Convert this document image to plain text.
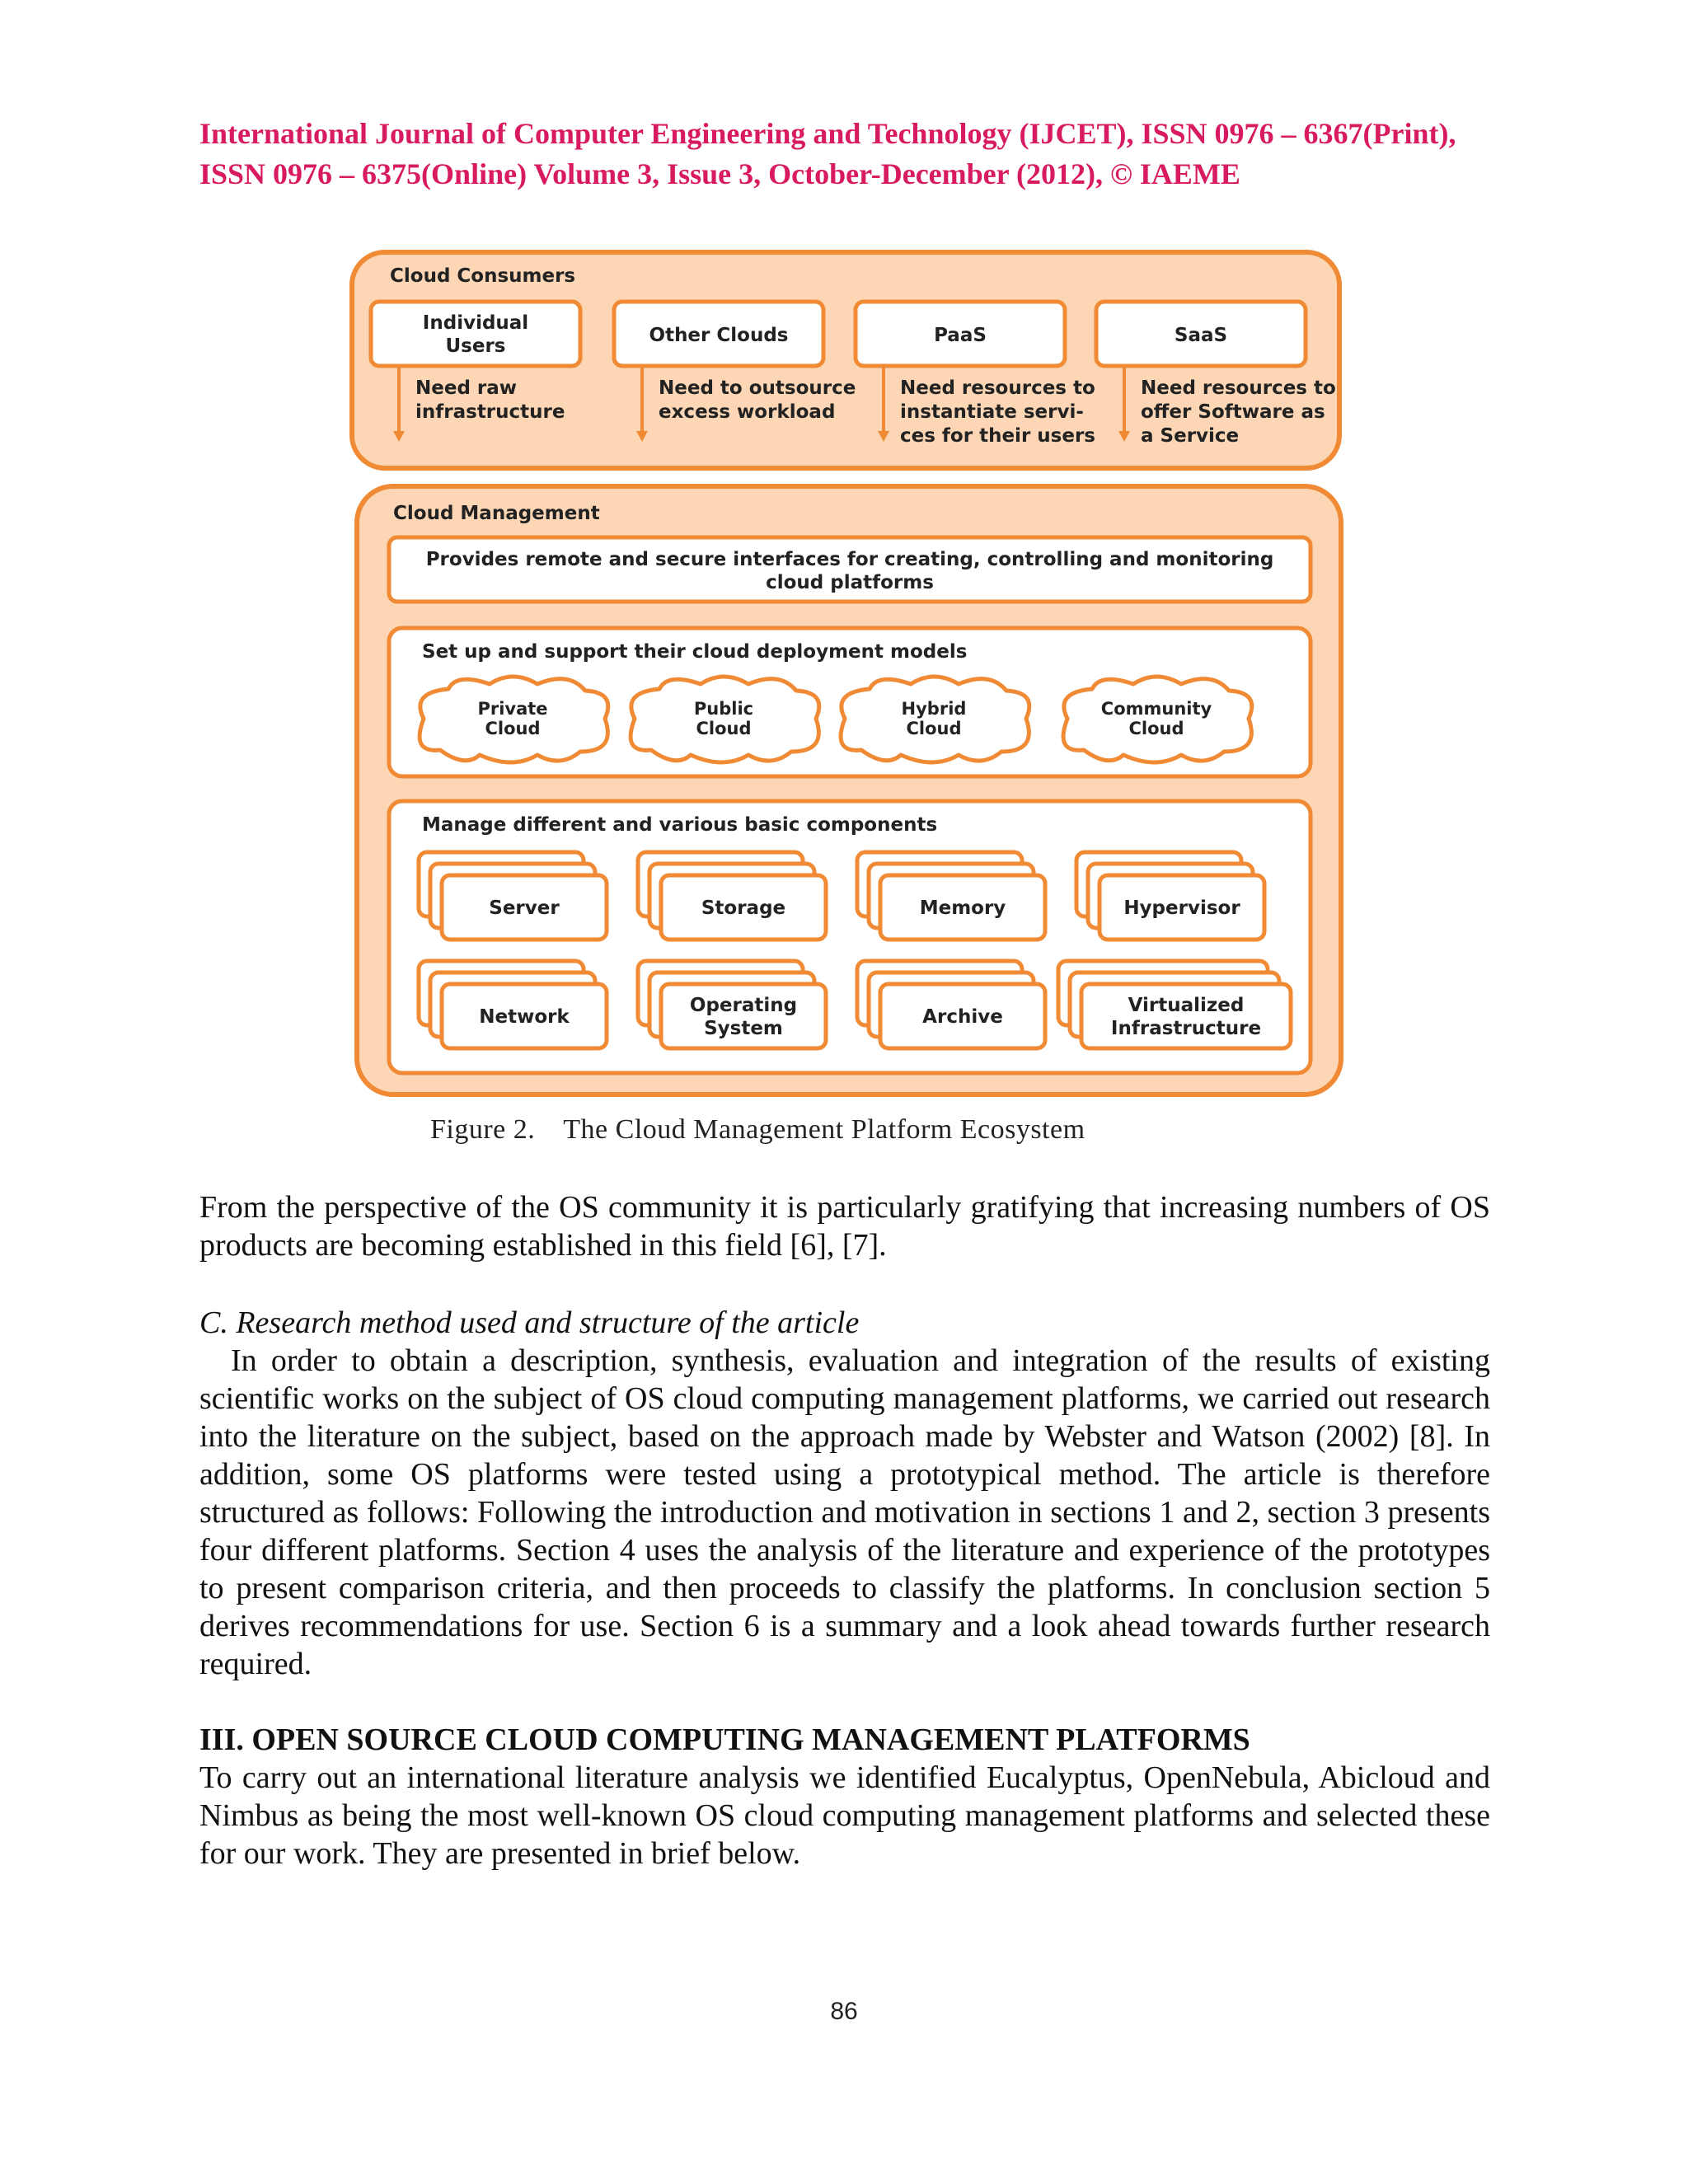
International Journal of Computer Engineering and Technology (IJCET), ISSN 0976 – 6367(Print),
ISSN 0976 – 6375(Online) Volume 3, Issue 3, October-December (2012), © IAEME
Cloud Consumers
Individual Users
Need raw infrastructure
Other Clouds
Need to outsource excess workload
PaaS
Need resources to instantiate servi-ces for their users
SaaS
Need resources to offer Software as a Service
Cloud Management
Provides remote and secure interfaces for creating, controlling and monitoring cloud platforms
Set up and support their cloud deployment models
Private Cloud
Public Cloud
Hybrid Cloud
Community Cloud
Manage different and various basic components
Server	Storage	Memory	Hypervisor
Network
Operating System
Archive
Virtualized Infrastructure
Figure 2. The Cloud Management Platform Ecosystem

From the perspective of the OS community it is particularly gratifying that increasing numbers of OS products are becoming established in this field [6], [7].

C. Research method used and structure of the article

In order to obtain a description, synthesis, evaluation and integration of the results of existing scientific works on the subject of OS cloud computing management platforms, we carried out research into the literature on the subject, based on the approach made by Webster and Watson (2002) [8]. In addition, some OS platforms were tested using a prototypical method. The article is therefore structured as follows: Following the introduction and motivation in sections 1 and 2, section 3 presents four different platforms. Section 4 uses the analysis of the literature and experience of the prototypes to present comparison criteria, and then proceeds to classify the platforms. In conclusion section 5 derives recommendations for use. Section 6 is a summary and a look ahead towards further research required.

III. OPEN SOURCE CLOUD COMPUTING MANAGEMENT PLATFORMS

To carry out an international literature analysis we identified Eucalyptus, OpenNebula, Abicloud and Nimbus as being the most well-known OS cloud computing management platforms and selected these for our work. They are presented in brief below.

86
